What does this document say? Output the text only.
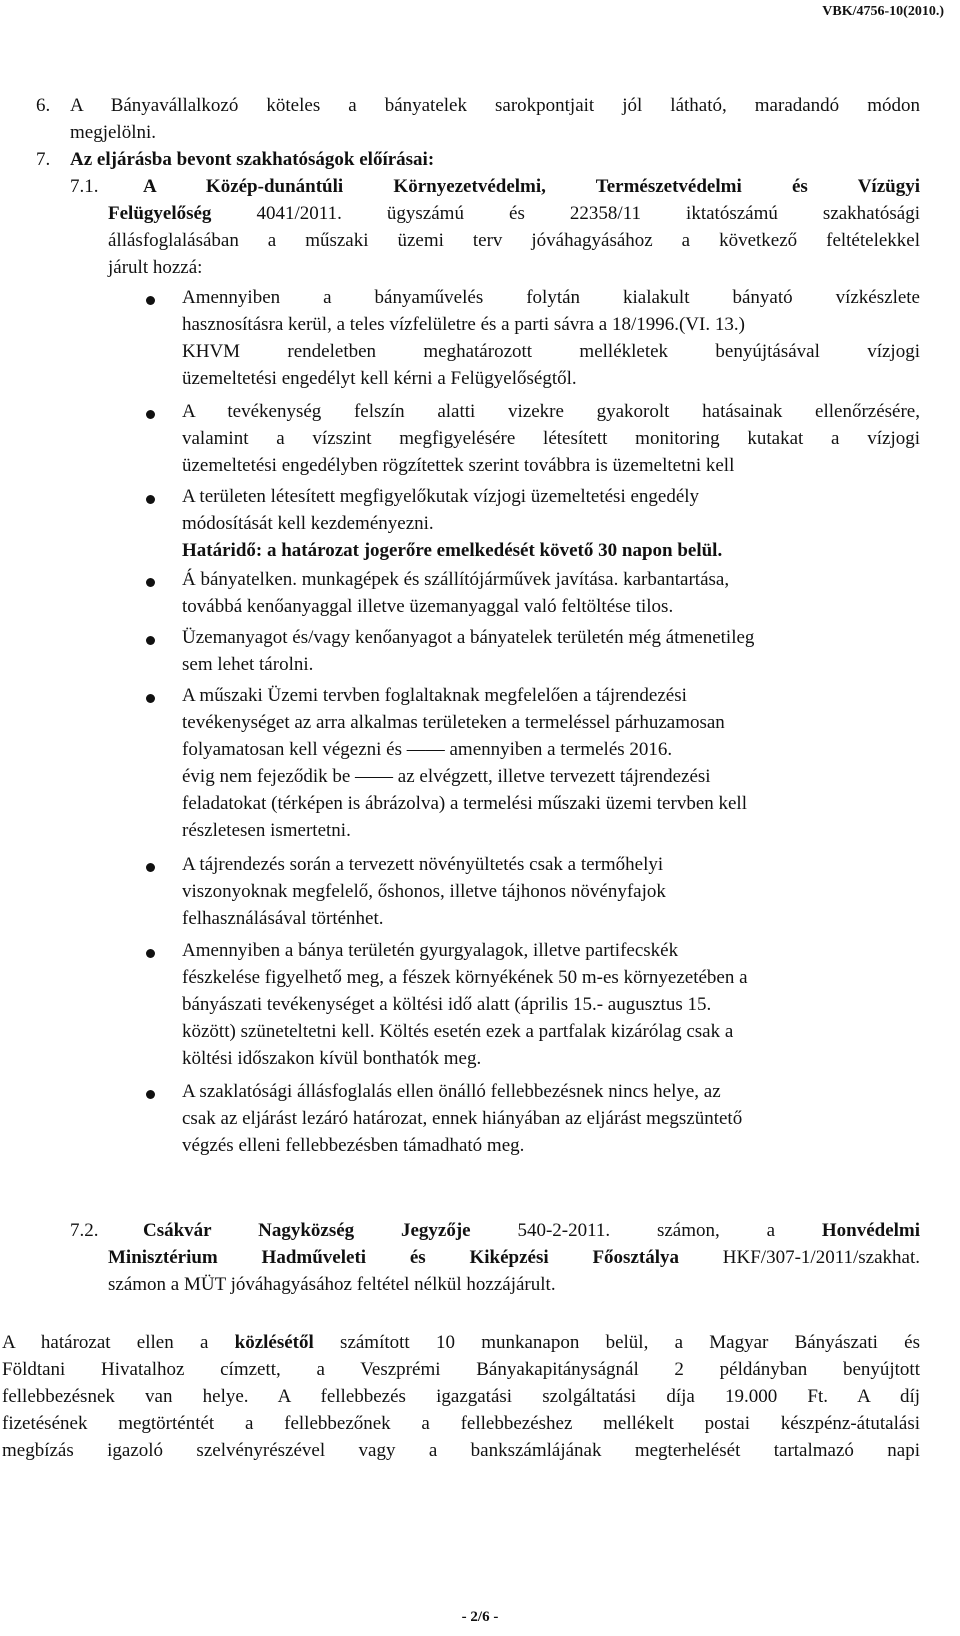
VBK/4756-10(2010.)
6. A Bányavállalkozó köteles a bányatelek sarokpontjait jól látható, maradandó módon
megjelölni.
7. Az eljárásba bevont szakhatóságok előírásai:
7.1. A Közép-dunántúli Környezetvédelmi, Természetvédelmi és Vízügyi
Felügyelőség 4041/2011. ügyszámú és 22358/11 iktatószámú szakhatósági
állásfoglalásában a műszaki üzemi terv jóváhagyásához a következő feltételekkel
járult hozzá:
Amennyiben a bányaművelés folytán kialakult bányató vízkészlete
hasznosításra kerül, a teles vízfelületre és a parti sávra a 18/1996.(VI. 13.)
KHVM rendeletben meghatározott mellékletek benyújtásával vízjogi
üzemeltetési engedélyt kell kérni a Felügyelőségtől.
A tevékenység felszín alatti vizekre gyakorolt hatásainak ellenőrzésére,
valamint a vízszint megfigyelésére létesített monitoring kutakat a vízjogi
üzemeltetési engedélyben rögzítettek szerint továbbra is üzemeltetni kell
A területen létesített megfigyelőkutak vízjogi üzemeltetési engedély
módosítását kell kezdeményezni.
Határidő: a határozat jogerőre emelkedését követő 30 napon belül.
Á bányatelken. munkagépek és szállítójárművek javítása. karbantartása,
továbbá kenőanyaggal illetve üzemanyaggal való feltöltése tilos.
Üzemanyagot és/vagy kenőanyagot a bányatelek területén még átmenetileg
sem lehet tárolni.
A műszaki Üzemi tervben foglaltaknak megfelelően a tájrendezési
tevékenységet az arra alkalmas területeken a termeléssel párhuzamosan
folyamatosan kell végezni és —— amennyiben a termelés 2016.
évig nem fejeződik be —— az elvégzett, illetve tervezett tájrendezési
feladatokat (térképen is ábrázolva) a termelési műszaki üzemi tervben kell
részletesen ismertetni.
A tájrendezés során a tervezett növényültetés csak a termőhelyi
viszonyoknak megfelelő, őshonos, illetve tájhonos növényfajok
felhasználásával történhet.
Amennyiben a bánya területén gyurgyalagok, illetve partifecskék
fészkelése figyelhető meg, a fészek környékének 50 m-es környezetében a
bányászati tevékenységet a költési idő alatt (április 15.- augusztus 15.
között) szüneteltetni kell. Költés esetén ezek a partfalak kizárólag csak a
költési időszakon kívül bonthatók meg.
A szaklatósági állásfoglalás ellen önálló fellebbezésnek nincs helye, az
csak az eljárást lezáró határozat, ennek hiányában az eljárást megszüntető
végzés elleni fellebbezésben támadható meg.
7.2. Csákvár Nagyközség Jegyzője 540-2-2011. számon, a Honvédelmi
Minisztérium Hadműveleti és Kiképzési Főosztálya HKF/307-1/2011/szakhat.
számon a MÜT jóváhagyásához feltétel nélkül hozzájárult.
A határozat ellen a közlésétől számított 10 munkanapon belül, a Magyar Bányászati és
Földtani Hivatalhoz címzett, a Veszprémi Bányakapitányságnál 2 példányban benyújtott
fellebbezésnek van helye. A fellebbezés igazgatási szolgáltatási díja 19.000 Ft. A díj
fizetésének megtörténtét a fellebbezőnek a fellebbezéshez mellékelt postai készpénz-átutalási
megbízás igazoló szelvényrészével vagy a bankszámlájának megterhelését tartalmazó napi
- 2/6 -
